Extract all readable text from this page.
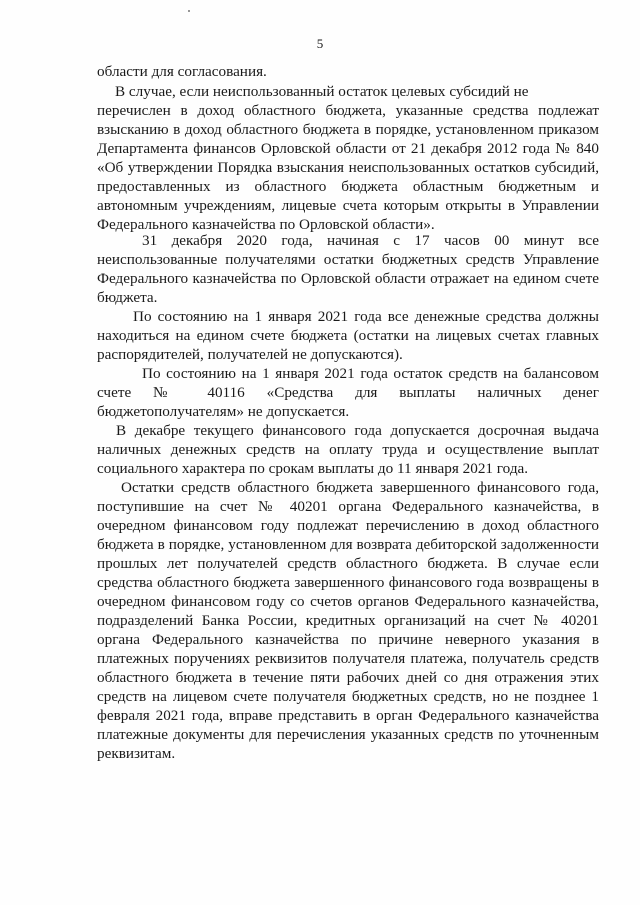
5
области для согласования.
В случае, если неиспользованный остаток целевых субсидий не
перечислен в доход областного бюджета, указанные средства подлежат
взысканию в доход областного бюджета в порядке, установленном приказом
Департамента финансов Орловской области от 21 декабря 2012 года № 840
«Об утверждении Порядка взыскания неиспользованных остатков субсидий,
предоставленных из областного бюджета областным бюджетным и
автономным учреждениям, лицевые счета которым открыты в Управлении
Федерального казначейства по Орловской области».
31 декабря 2020 года, начиная с 17 часов 00 минут все
неиспользованные получателями остатки бюджетных средств Управление
Федерального казначейства по Орловской области отражает на едином счете
бюджета.
По состоянию на 1 января 2021 года все денежные средства должны
находиться на едином счете бюджета (остатки на лицевых счетах главных
распорядителей, получателей не допускаются).
По состоянию на 1 января 2021 года остаток средств на балансовом
счете № 40116 «Средства для выплаты наличных денег
бюджетополучателям» не допускается.
В декабре текущего финансового года допускается досрочная выдача
наличных денежных средств на оплату труда и осуществление выплат
социального характера по срокам выплаты до 11 января 2021 года.
Остатки средств областного бюджета завершенного финансового года,
поступившие на счет № 40201 органа Федерального казначейства, в
очередном финансовом году подлежат перечислению в доход областного
бюджета в порядке, установленном для возврата дебиторской задолженности
прошлых лет получателей средств областного бюджета. В случае если
средства областного бюджета завершенного финансового года возвращены в
очередном финансовом году со счетов органов Федерального казначейства,
подразделений Банка России, кредитных организаций на счет № 40201
органа Федерального казначейства по причине неверного указания в
платежных поручениях реквизитов получателя платежа, получатель средств
областного бюджета в течение пяти рабочих дней со дня отражения этих
средств на лицевом счете получателя бюджетных средств, но не позднее 1
февраля 2021 года, вправе представить в орган Федерального казначейства
платежные документы для перечисления указанных средств по уточненным
реквизитам.
